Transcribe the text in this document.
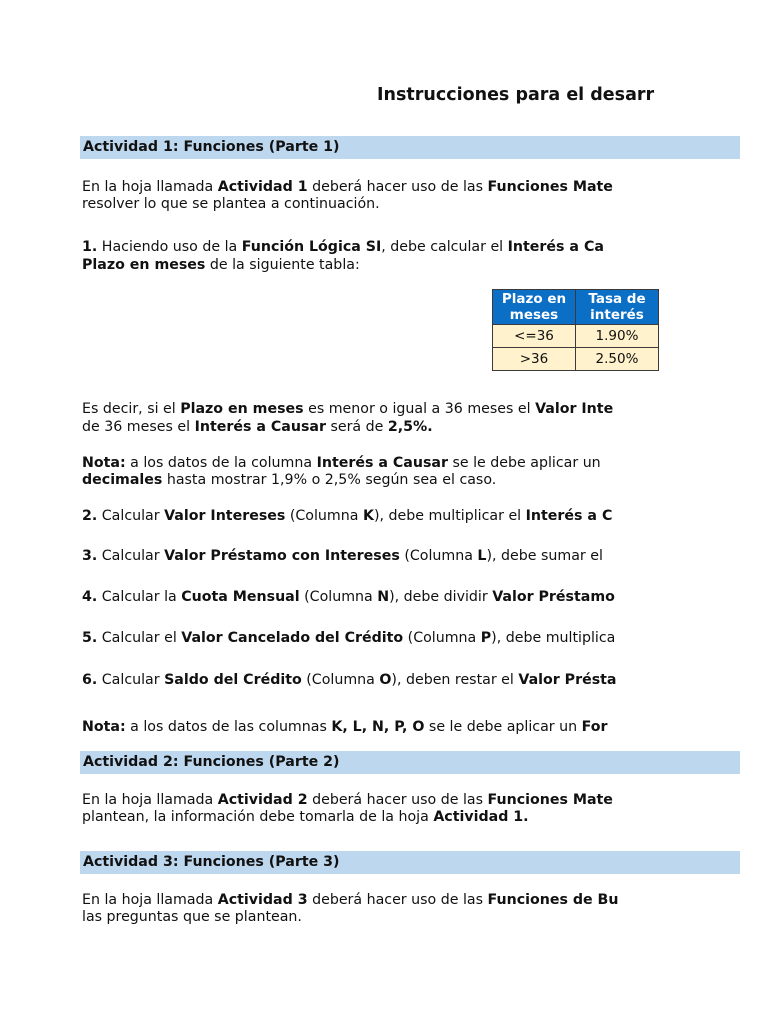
Instrucciones para el desarr
Actividad 1: Funciones (Parte 1)
En la hoja llamada Actividad 1 deberá hacer uso de las Funciones Mate
resolver lo que se plantea a continuación.
1. Haciendo uso de la Función Lógica SI, debe calcular el Interés a Ca
Plazo en meses de la siguiente tabla:
Plazo en meses	Tasa de interés
<=36	1.90%
>36	2.50%
Es decir, si el Plazo en meses es menor o igual a 36 meses el Valor Inte
de 36 meses el Interés a Causar será de 2,5%.
Nota: a los datos de la columna Interés a Causar se le debe aplicar un
decimales hasta mostrar 1,9% o 2,5% según sea el caso.
2. Calcular Valor Intereses (Columna K), debe multiplicar el Interés a C
3. Calcular Valor Préstamo con Intereses (Columna L), debe sumar el
4. Calcular la Cuota Mensual (Columna N), debe dividir Valor Préstamo
5. Calcular el Valor Cancelado del Crédito (Columna P), debe multiplica
6. Calcular Saldo del Crédito (Columna O), deben restar el Valor Présta
Nota: a los datos de las columnas K, L, N, P, O se le debe aplicar un For
Actividad 2: Funciones (Parte 2)
En la hoja llamada Actividad 2 deberá hacer uso de las Funciones Mate
plantean, la información debe tomarla de la hoja Actividad 1.
Actividad 3: Funciones (Parte 3)
En la hoja llamada Actividad 3 deberá hacer uso de las Funciones de Bu
las preguntas que se plantean.
